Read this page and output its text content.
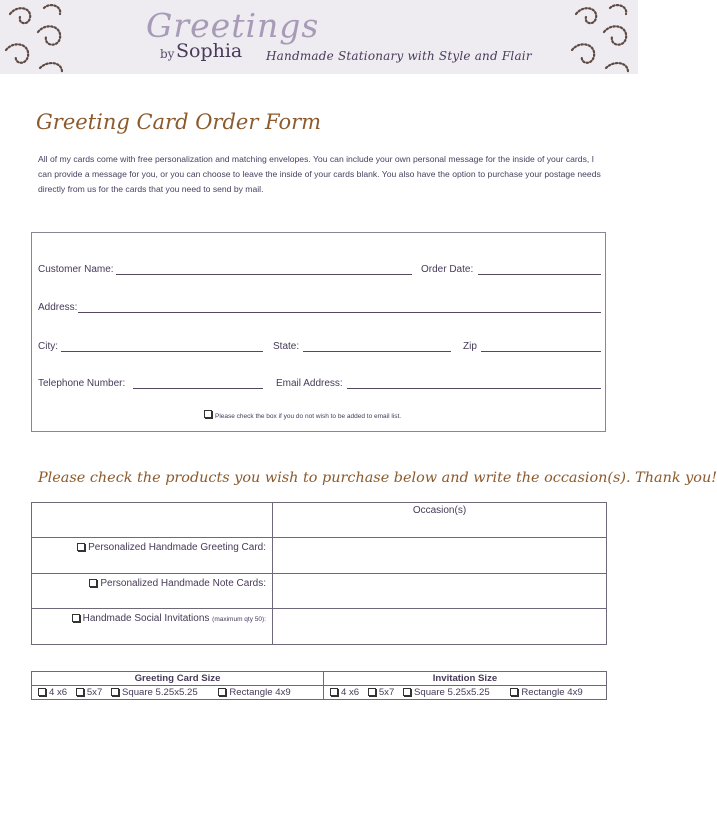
Greetings
by Sophia Handmade Stationary with Style and Flair
Greeting Card Order Form
All of my cards come with free personalization and matching envelopes. You can include your own personal message for the inside of your cards, I can provide a message for you, or you can choose to leave the inside of your cards blank. You also have the option to purchase your postage needs directly from us for the cards that you need to send by mail.
Customer Name:	Order Date:
Address:
City:	State:	Zip
Telephone Number:	Email Address:
Please check the box if you do not wish to be added to email list.
Please check the products you wish to purchase below and write the occasion(s). Thank you!
	Occasion(s)
Personalized Handmade Greeting Card:	
Personalized Handmade Note Cards:	
Handmade Social Invitations (maximum qty 50):	
Greeting Card Size	Invitation Size
4 x6 5x7 Square 5.25x5.25 Rectangle 4x9	4 x6 5x7 Square 5.25x5.25 Rectangle 4x9
